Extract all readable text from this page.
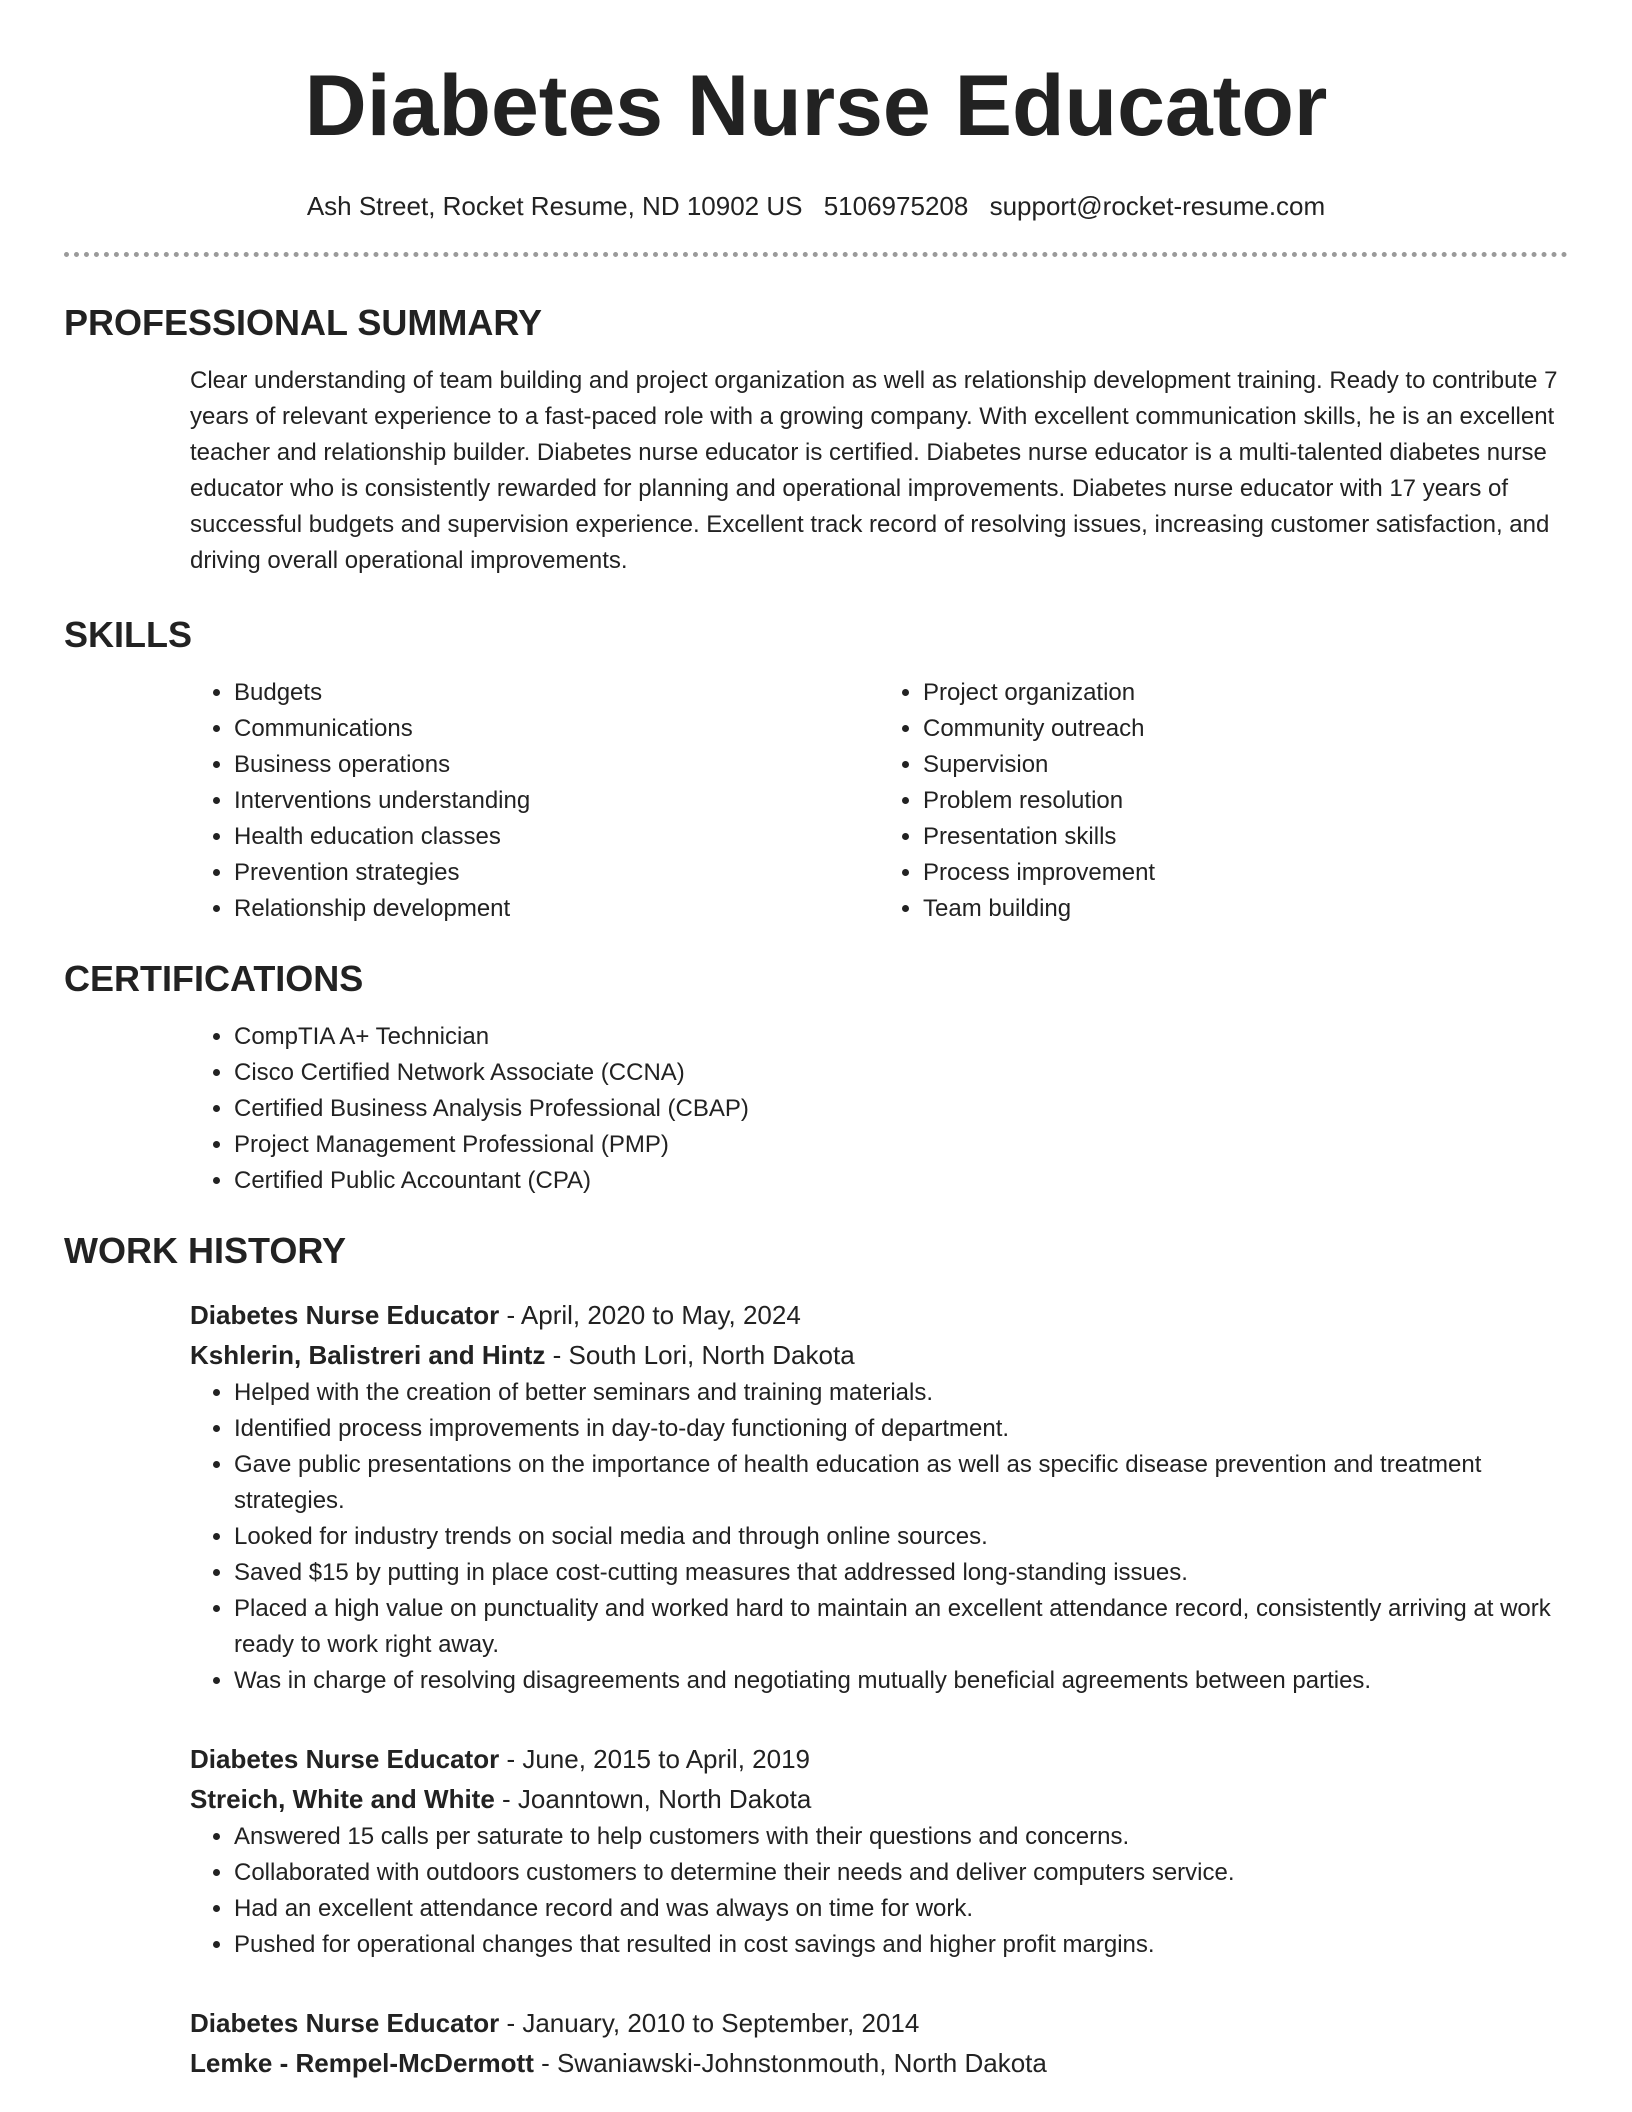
Diabetes Nurse Educator
Ash Street, Rocket Resume, ND 10902 US 5106975208 support@rocket-resume.com
PROFESSIONAL SUMMARY

Clear understanding of team building and project organization as well as relationship development training. Ready to contribute 7 years of relevant experience to a fast-paced role with a growing company. With excellent communication skills, he is an excellent teacher and relationship builder. Diabetes nurse educator is certified. Diabetes nurse educator is a multi-talented diabetes nurse educator who is consistently rewarded for planning and operational improvements. Diabetes nurse educator with 17 years of successful budgets and supervision experience. Excellent track record of resolving issues, increasing customer satisfaction, and driving overall operational improvements.

SKILLS
• Budgets
• Communications
• Business operations
• Interventions understanding
• Health education classes
• Prevention strategies
• Relationship development
• Project organization
• Community outreach
• Supervision
• Problem resolution
• Presentation skills
• Process improvement
• Team building
CERTIFICATIONS
• CompTIA A+ Technician
• Cisco Certified Network Associate (CCNA)
• Certified Business Analysis Professional (CBAP)
• Project Management Professional (PMP)
• Certified Public Accountant (CPA)
WORK HISTORY
Diabetes Nurse Educator - April, 2020 to May, 2024
Kshlerin, Balistreri and Hintz - South Lori, North Dakota
• Helped with the creation of better seminars and training materials.
• Identified process improvements in day-to-day functioning of department.
• Gave public presentations on the importance of health education as well as specific disease prevention and treatment strategies.
• Looked for industry trends on social media and through online sources.
• Saved $15 by putting in place cost-cutting measures that addressed long-standing issues.
• Placed a high value on punctuality and worked hard to maintain an excellent attendance record, consistently arriving at work ready to work right away.
• Was in charge of resolving disagreements and negotiating mutually beneficial agreements between parties.
Diabetes Nurse Educator - June, 2015 to April, 2019
Streich, White and White - Joanntown, North Dakota
• Answered 15 calls per saturate to help customers with their questions and concerns.
• Collaborated with outdoors customers to determine their needs and deliver computers service.
• Had an excellent attendance record and was always on time for work.
• Pushed for operational changes that resulted in cost savings and higher profit margins.
Diabetes Nurse Educator - January, 2010 to September, 2014
Lemke - Rempel-McDermott - Swaniawski-Johnstonmouth, North Dakota
